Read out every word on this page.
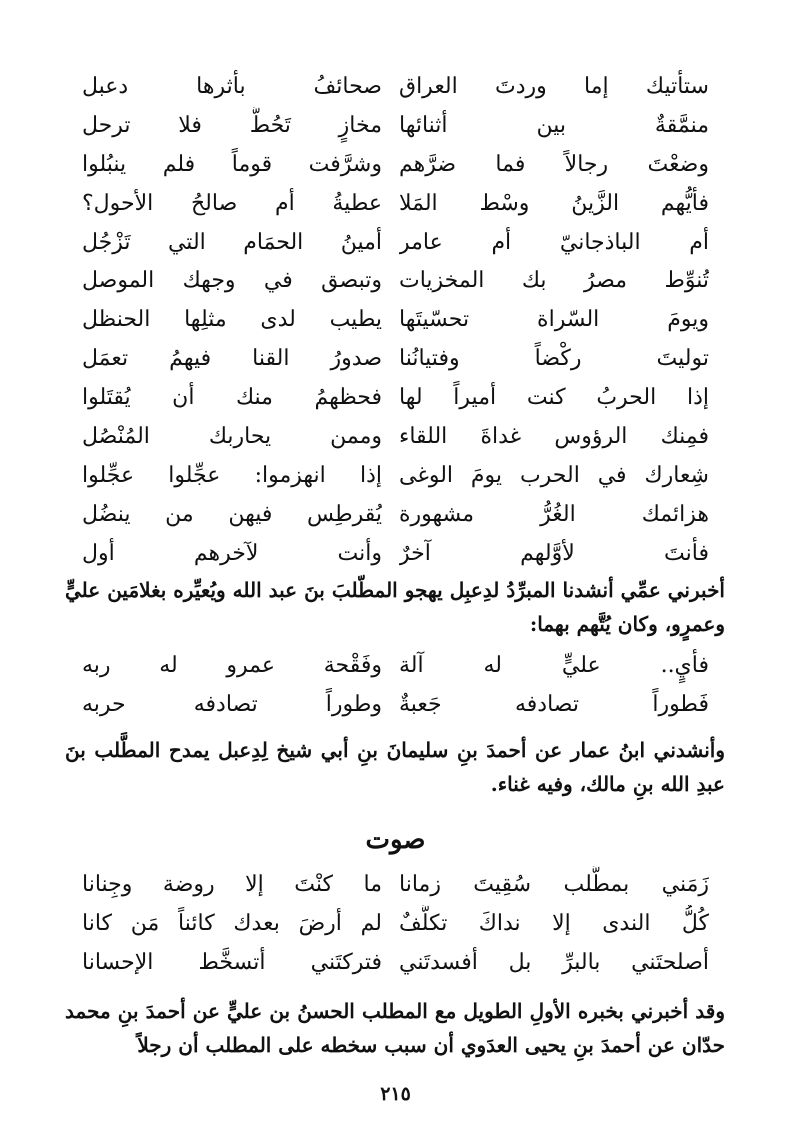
ستأتيك إما وردتَ العراق
صحائفُ بأثرها دعبل
منمَّقةٌ بين أثنائها
مخازٍ تَحُطُّ فلا ترحل
وضعْتَ رجالاً فما ضرَّهم
وشرَّفت قوماً فلم ينبُلوا
فأيُّهم الزَّينُ وسْط المَلا
عطيةُ أم صالحُ الأحول؟
أم الباذجانيّ أم عامر
أمينُ الحمَام التي تَزْجُل
تُنوِّط مصرُ بك المخزيات
وتبصق في وجهك الموصل
ويومَ السّراة تحسّيتَها
يطيب لدى مثلِها الحنظل
توليتَ ركْضاً وفتيانُنا
صدورُ القنا فيهمُ تعمَل
إذا الحربُ كنت أميراً لها
فحظهمُ منك أن يُقتَلوا
فمِنك الرؤوس غداةَ اللقاء
وممن يحاربك المُنْصُل
شِعارك في الحرب يومَ الوغى
إذا انهزموا: عجِّلوا عجِّلوا
هزائمك الغُرُّ مشهورة
يُقرطِس فيهن من ينضُل
فأنتَ لأوَّلهم آخرٌ
وأنت لآخرهم أول

أخبرني عمِّي أنشدنا المبرِّدُ لدِعبِل يهجو المطّلبَ بنَ عبد الله ويُعيِّره بغلامَين عليٍّ وعمرٍو، وكان يُتَّهم بهما:

فأيٍ.. عليٍّ له آلة
وفَقْحة عمرو له ربه
فَطوراً تصادفه جَعبةٌ
وطوراً تصادفه حربه

وأنشدني ابنُ عمار عن أحمدَ بنِ سليمانَ بنِ أبي شيخ لِدِعبل يمدح المطَّلب بنَ عبدِ الله بنِ مالك، وفيه غناء.

صوت
زَمَني بمطَّلب سُقِيتَ زمانا
ما كنْتَ إلا روضة وجِنانا
كُلُّ الندى إلا نداكَ تكلُّفٌ
لم أرضَ بعدك كائناً مَن كانا
أصلحتَني بالبرِّ بل أفسدتَني
فتركتَني أتسخَّط الإحسانا

وقد أخبرني بخبره الأولِ الطويل مع المطلب الحسنُ بن عليٍّ عن أحمدَ بنِ محمد حدّان عن أحمدَ بنِ يحيى العدَوي أن سبب سخطه على المطلب أن رجلاً

٢١٥
